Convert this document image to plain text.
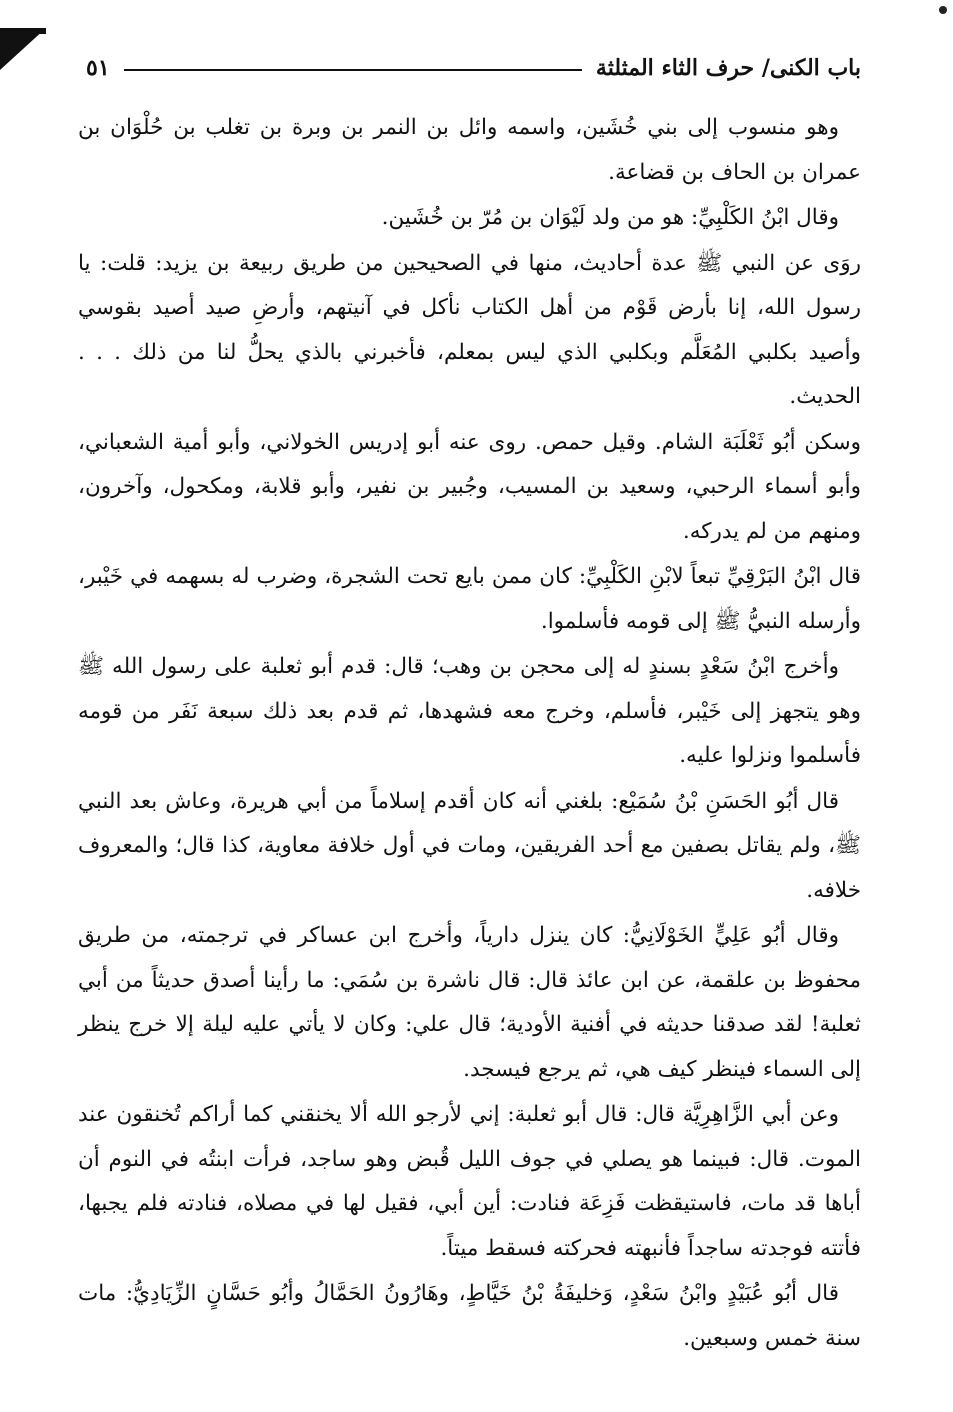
باب الكنى/ حرف الثاء المثلثة
٥١

وهو منسوب إلى بني خُشَين، واسمه وائل بن النمر بن وبرة بن تغلب بن حُلْوَان بن عمران بن الحاف بن قضاعة.

وقال ابْنُ الكَلْبِيِّ: هو من ولد لَيْوَان بن مُرّ بن خُشَين.

روَى عن النبي ﷺ عدة أحاديث، منها في الصحيحين من طريق ربيعة بن يزيد: قلت: يا رسول الله، إنا بأرض قَوْم من أهل الكتاب نأكل في آنيتهم، وأرضِ صيد أصيد بقوسي وأصيد بكلبي المُعَلَّم وبكلبي الذي ليس بمعلم، فأخبرني بالذي يحلُّ لنا من ذلك . . . الحديث.

وسكن أبُو ثَعْلَبَة الشام. وقيل حمص. روى عنه أبو إدريس الخولاني، وأبو أمية الشعباني، وأبو أسماء الرحبي، وسعيد بن المسيب، وجُبير بن نفير، وأبو قلابة، ومكحول، وآخرون، ومنهم من لم يدركه.

قال ابْنُ البَرْقِيِّ تبعاً لابْنِ الكَلْبِيِّ: كان ممن بايع تحت الشجرة، وضرب له بسهمه في خَيْبر، وأرسله النبيُّ ﷺ إلى قومه فأسلموا.

وأخرج ابْنُ سَعْدٍ بسندٍ له إلى محجن بن وهب؛ قال: قدم أبو ثعلبة على رسول الله ﷺ وهو يتجهز إلى خَيْبر، فأسلم، وخرج معه فشهدها، ثم قدم بعد ذلك سبعة نَفَر من قومه فأسلموا ونزلوا عليه.

قال أبُو الحَسَنِ بْنُ سُمَيْع: بلغني أنه كان أقدم إسلاماً من أبي هريرة، وعاش بعد النبي ﷺ، ولم يقاتل بصفين مع أحد الفريقين، ومات في أول خلافة معاوية، كذا قال؛ والمعروف خلافه.

وقال أبُو عَلِيٍّ الخَوْلَانِيُّ: كان ينزل دارياً، وأخرج ابن عساكر في ترجمته، من طريق محفوظ بن علقمة، عن ابن عائذ قال: قال ناشرة بن سُمَي: ما رأينا أصدق حديثاً من أبي ثعلبة! لقد صدقنا حديثه في أفنية الأودية؛ قال علي: وكان لا يأتي عليه ليلة إلا خرج ينظر إلى السماء فينظر كيف هي، ثم يرجع فيسجد.

وعن أبي الزَّاهِرِيَّة قال: قال أبو ثعلبة: إني لأرجو الله ألا يخنقني كما أراكم تُخنقون عند الموت. قال: فبينما هو يصلي في جوف الليل قُبض وهو ساجد، فرأت ابنتُه في النوم أن أباها قد مات، فاستيقظت فَزِعَة فنادت: أين أبي، فقيل لها في مصلاه، فنادته فلم يجبها، فأتته فوجدته ساجداً فأنبهته فحركته فسقط ميتاً.

قال أبُو عُبَيْدٍ وابْنُ سَعْدٍ، وَخليفَةُ بْنُ خَيَّاطٍ، وهَارُونُ الحَمَّالُ وأبُو حَسَّانٍ الزِّيَادِيُّ: مات سنة خمس وسبعين.
